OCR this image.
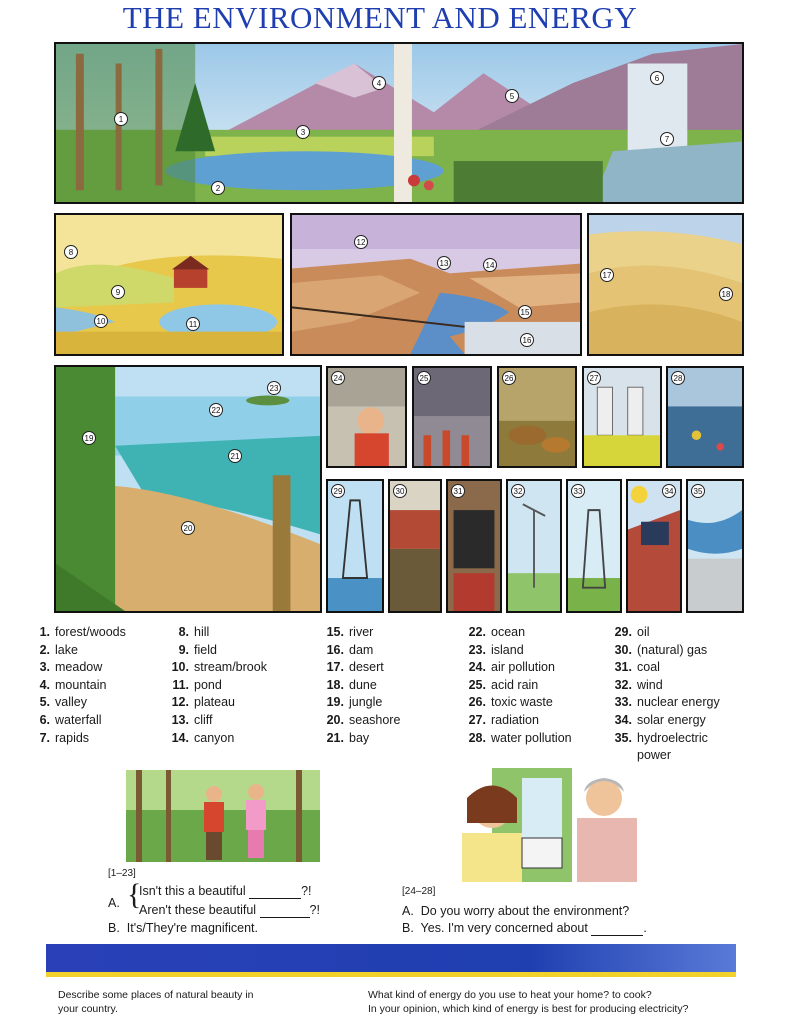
THE ENVIRONMENT AND ENERGY
1
2
3
4
5
6
7
8
9
10	11
12
13	14
15
16
17
18
19
20
21
22
23
24	25	26	27	28
29	30	31	32	33	34	35
1. forest/woods
2. lake
3. meadow
4. mountain
5. valley
6. waterfall
7. rapids
8. hill
9. field
10. stream/brook
11. pond
12. plateau
13. cliff
14. canyon
15. river
16. dam
17. desert
18. dune
19. jungle
20. seashore
21. bay
22. ocean
23. island
24. air pollution
25. acid rain
26. toxic waste
27. radiation
28. water pollution
29. oil
30. (natural) gas
31. coal
32. wind
33. nuclear energy
34. solar energy
35. hydroelectric
power
[1–23]
A. {
Isn't this a beautiful	?!
Aren't these beautiful	?!
B. It's/They're magnificent.
[24–28]
A. Do you worry about the environment?
B. Yes. I'm very concerned about	.
Describe some places of natural beauty in
your country.
What kind of energy do you use to heat your home? to cook?
In your opinion, which kind of energy is best for producing electricity?
